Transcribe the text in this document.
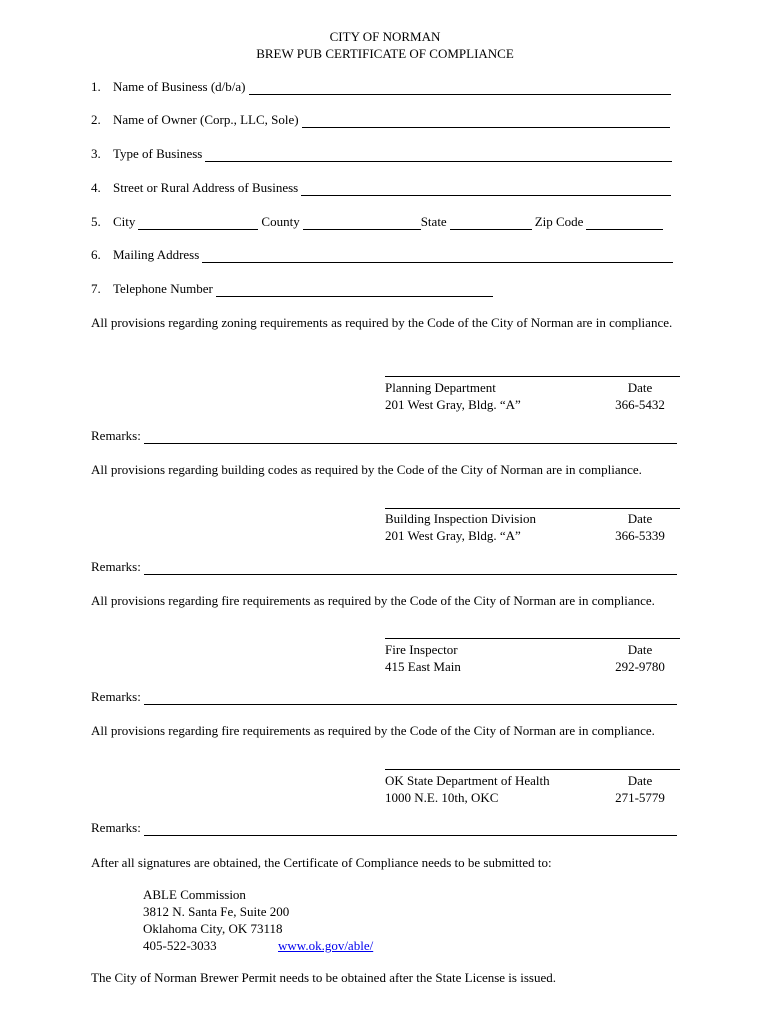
CITY OF NORMAN
BREW PUB CERTIFICATE OF COMPLIANCE
1. Name of Business (d/b/a)
2. Name of Owner (Corp., LLC, Sole)
3. Type of Business
4. Street or Rural Address of Business
5. City	County	State	Zip Code
6. Mailing Address
7. Telephone Number
All provisions regarding zoning requirements as required by the Code of the City of Norman are in compliance.
Planning Department	Date
201 West Gray, Bldg. “A”	366-5432
Remarks:
All provisions regarding building codes as required by the Code of the City of Norman are in compliance.
Building Inspection Division	Date
201 West Gray, Bldg. “A”	366-5339
Remarks:
All provisions regarding fire requirements as required by the Code of the City of Norman are in compliance.
Fire Inspector	Date
415 East Main	292-9780
Remarks:
All provisions regarding fire requirements as required by the Code of the City of Norman are in compliance.
OK State Department of Health	Date
1000 N.E. 10th, OKC	271-5779
Remarks:
After all signatures are obtained, the Certificate of Compliance needs to be submitted to:
ABLE Commission
3812 N. Santa Fe, Suite 200
Oklahoma City, OK 73118
405-522-3033	www.ok.gov/able/
The City of Norman Brewer Permit needs to be obtained after the State License is issued.
